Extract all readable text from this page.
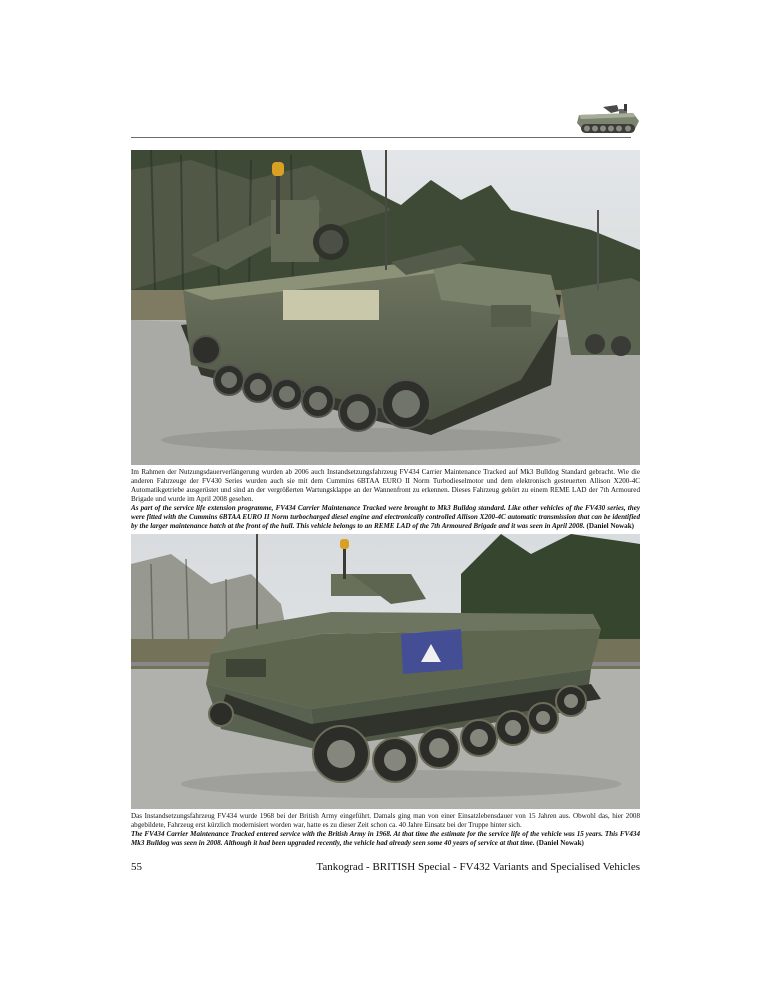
Im Rahmen der Nutzungsdauerverlängerung wurden ab 2006 auch Instandsetzungsfahrzeug FV434 Carrier Maintenance Tracked auf Mk3 Bulldog Standard gebracht. Wie die anderen Fahrzeuge der FV430 Series wurden auch sie mit dem Cummins 6BTAA EURO II Norm Turbodieselmotor und dem elektronisch gesteuerten Allison X200-4C Automatikgetriebe ausgerüstet und sind an der vergrößerten Wartungsklappe an der Wannenfront zu erkennen. Dieses Fahrzeug gehört zu einem REME LAD der 7th Armoured Brigade und wurde im April 2008 gesehen.

As part of the service life extension programme, FV434 Carrier Maintenance Tracked were brought to Mk3 Bulldog standard. Like other vehicles of the FV430 series, they were fitted with the Cummins 6BTAA EURO II Norm turbocharged diesel engine and electronically controlled Allison X200-4C automatic transmission that can be identified by the larger maintenance hatch at the front of the hull. This vehicle belongs to an REME LAD of the 7th Armoured Brigade and it was seen in April 2008. (Daniel Nowak)

Das Instandsetzungsfahrzeug FV434 wurde 1968 bei der British Army eingeführt. Damals ging man von einer Einsatzlebensdauer von 15 Jahren aus. Obwohl das, hier 2008 abgebildete, Fahrzeug erst kürzlich modernisiert worden war, hatte es zu dieser Zeit schon ca. 40 Jahre Einsatz bei der Truppe hinter sich.

The FV434 Carrier Maintenance Tracked entered service with the British Army in 1968. At that time the estimate for the service life of the vehicle was 15 years. This FV434 Mk3 Bulldog was seen in 2008. Although it had been upgraded recently, the vehicle had already seen some 40 years of service at that time. (Daniel Nowak)

55	Tankograd - BRITISH Special - FV432 Variants and Specialised Vehicles
